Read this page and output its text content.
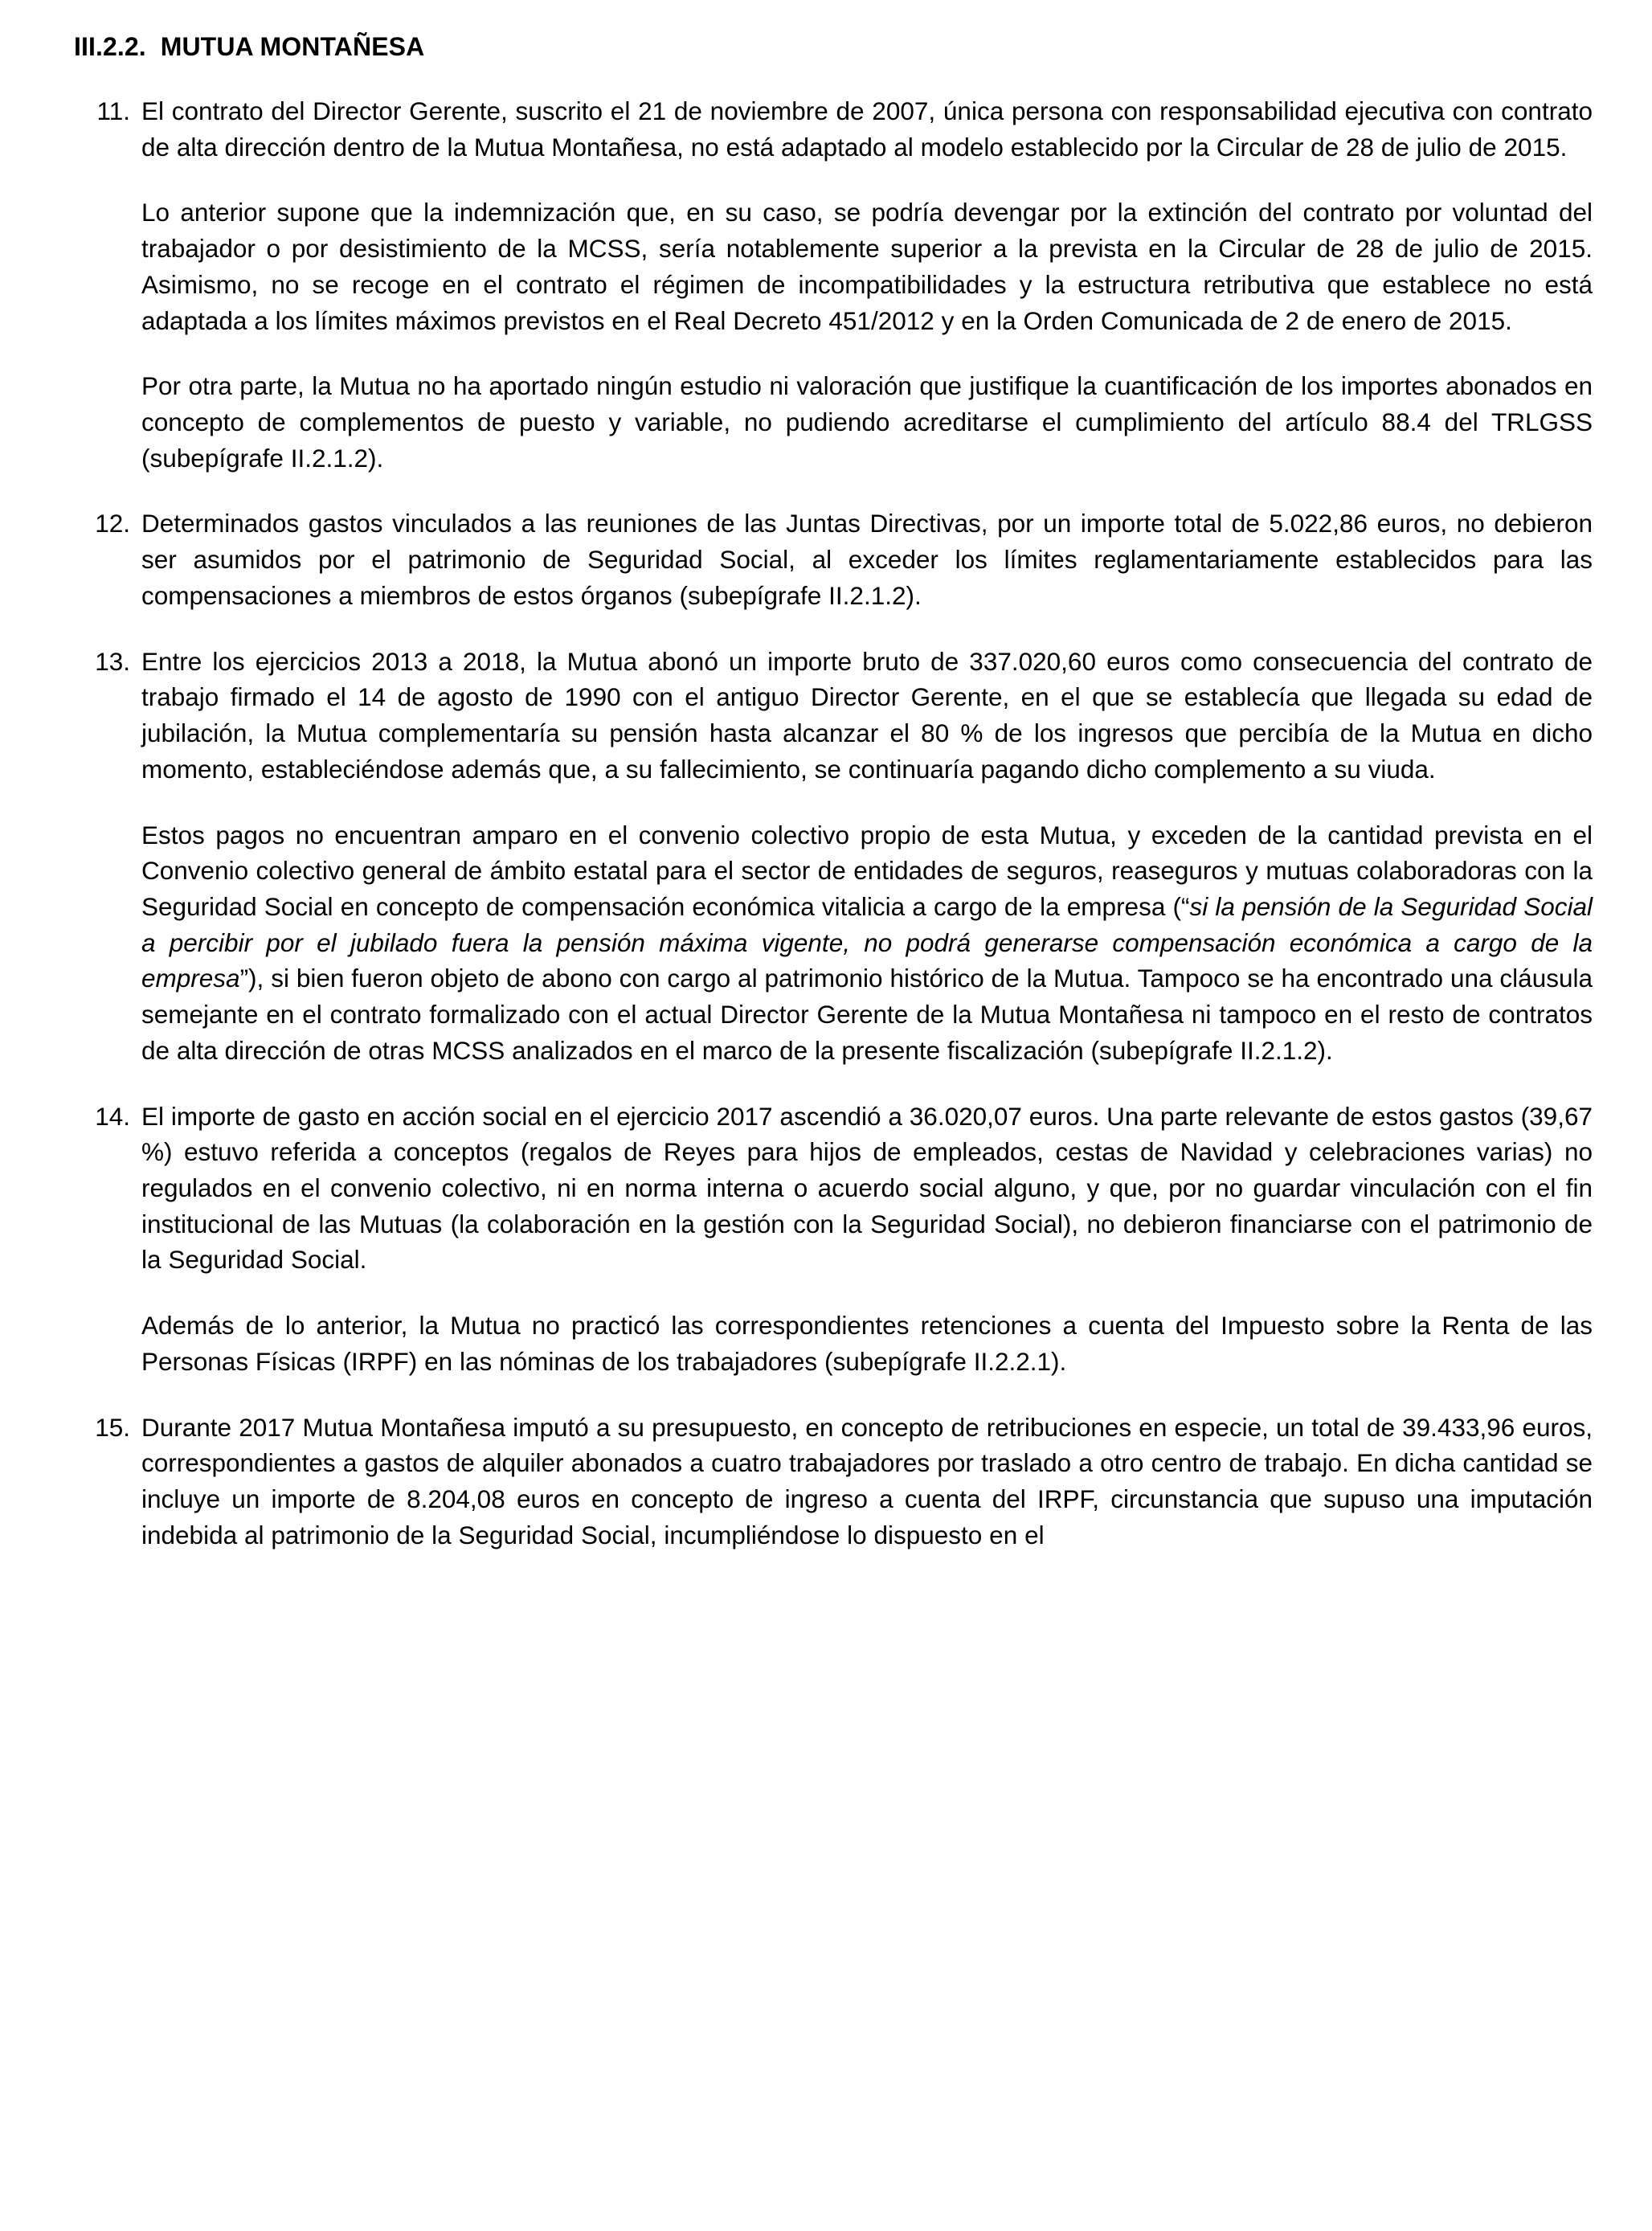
III.2.2.  MUTUA MONTAÑESA
11. El contrato del Director Gerente, suscrito el 21 de noviembre de 2007, única persona con responsabilidad ejecutiva con contrato de alta dirección dentro de la Mutua Montañesa, no está adaptado al modelo establecido por la Circular de 28 de julio de 2015.

Lo anterior supone que la indemnización que, en su caso, se podría devengar por la extinción del contrato por voluntad del trabajador o por desistimiento de la MCSS, sería notablemente superior a la prevista en la Circular de 28 de julio de 2015. Asimismo, no se recoge en el contrato el régimen de incompatibilidades y la estructura retributiva que establece no está adaptada a los límites máximos previstos en el Real Decreto 451/2012 y en la Orden Comunicada de 2 de enero de 2015.

Por otra parte, la Mutua no ha aportado ningún estudio ni valoración que justifique la cuantificación de los importes abonados en concepto de complementos de puesto y variable, no pudiendo acreditarse el cumplimiento del artículo 88.4 del TRLGSS (subepígrafe II.2.1.2).

12. Determinados gastos vinculados a las reuniones de las Juntas Directivas, por un importe total de 5.022,86 euros, no debieron ser asumidos por el patrimonio de Seguridad Social, al exceder los límites reglamentariamente establecidos para las compensaciones a miembros de estos órganos (subepígrafe II.2.1.2).

13. Entre los ejercicios 2013 a 2018, la Mutua abonó un importe bruto de 337.020,60 euros como consecuencia del contrato de trabajo firmado el 14 de agosto de 1990 con el antiguo Director Gerente, en el que se establecía que llegada su edad de jubilación, la Mutua complementaría su pensión hasta alcanzar el 80 % de los ingresos que percibía de la Mutua en dicho momento, estableciéndose además que, a su fallecimiento, se continuaría pagando dicho complemento a su viuda.

Estos pagos no encuentran amparo en el convenio colectivo propio de esta Mutua, y exceden de la cantidad prevista en el Convenio colectivo general de ámbito estatal para el sector de entidades de seguros, reaseguros y mutuas colaboradoras con la Seguridad Social en concepto de compensación económica vitalicia a cargo de la empresa (“si la pensión de la Seguridad Social a percibir por el jubilado fuera la pensión máxima vigente, no podrá generarse compensación económica a cargo de la empresa”), si bien fueron objeto de abono con cargo al patrimonio histórico de la Mutua. Tampoco se ha encontrado una cláusula semejante en el contrato formalizado con el actual Director Gerente de la Mutua Montañesa ni tampoco en el resto de contratos de alta dirección de otras MCSS analizados en el marco de la presente fiscalización (subepígrafe II.2.1.2).

14. El importe de gasto en acción social en el ejercicio 2017 ascendió a 36.020,07 euros. Una parte relevante de estos gastos (39,67 %) estuvo referida a conceptos (regalos de Reyes para hijos de empleados, cestas de Navidad y celebraciones varias) no regulados en el convenio colectivo, ni en norma interna o acuerdo social alguno, y que, por no guardar vinculación con el fin institucional de las Mutuas (la colaboración en la gestión con la Seguridad Social), no debieron financiarse con el patrimonio de la Seguridad Social.

Además de lo anterior, la Mutua no practicó las correspondientes retenciones a cuenta del Impuesto sobre la Renta de las Personas Físicas (IRPF) en las nóminas de los trabajadores (subepígrafe II.2.2.1).

15. Durante 2017 Mutua Montañesa imputó a su presupuesto, en concepto de retribuciones en especie, un total de 39.433,96 euros, correspondientes a gastos de alquiler abonados a cuatro trabajadores por traslado a otro centro de trabajo. En dicha cantidad se incluye un importe de 8.204,08 euros en concepto de ingreso a cuenta del IRPF, circunstancia que supuso una imputación indebida al patrimonio de la Seguridad Social, incumpliéndose lo dispuesto en el
